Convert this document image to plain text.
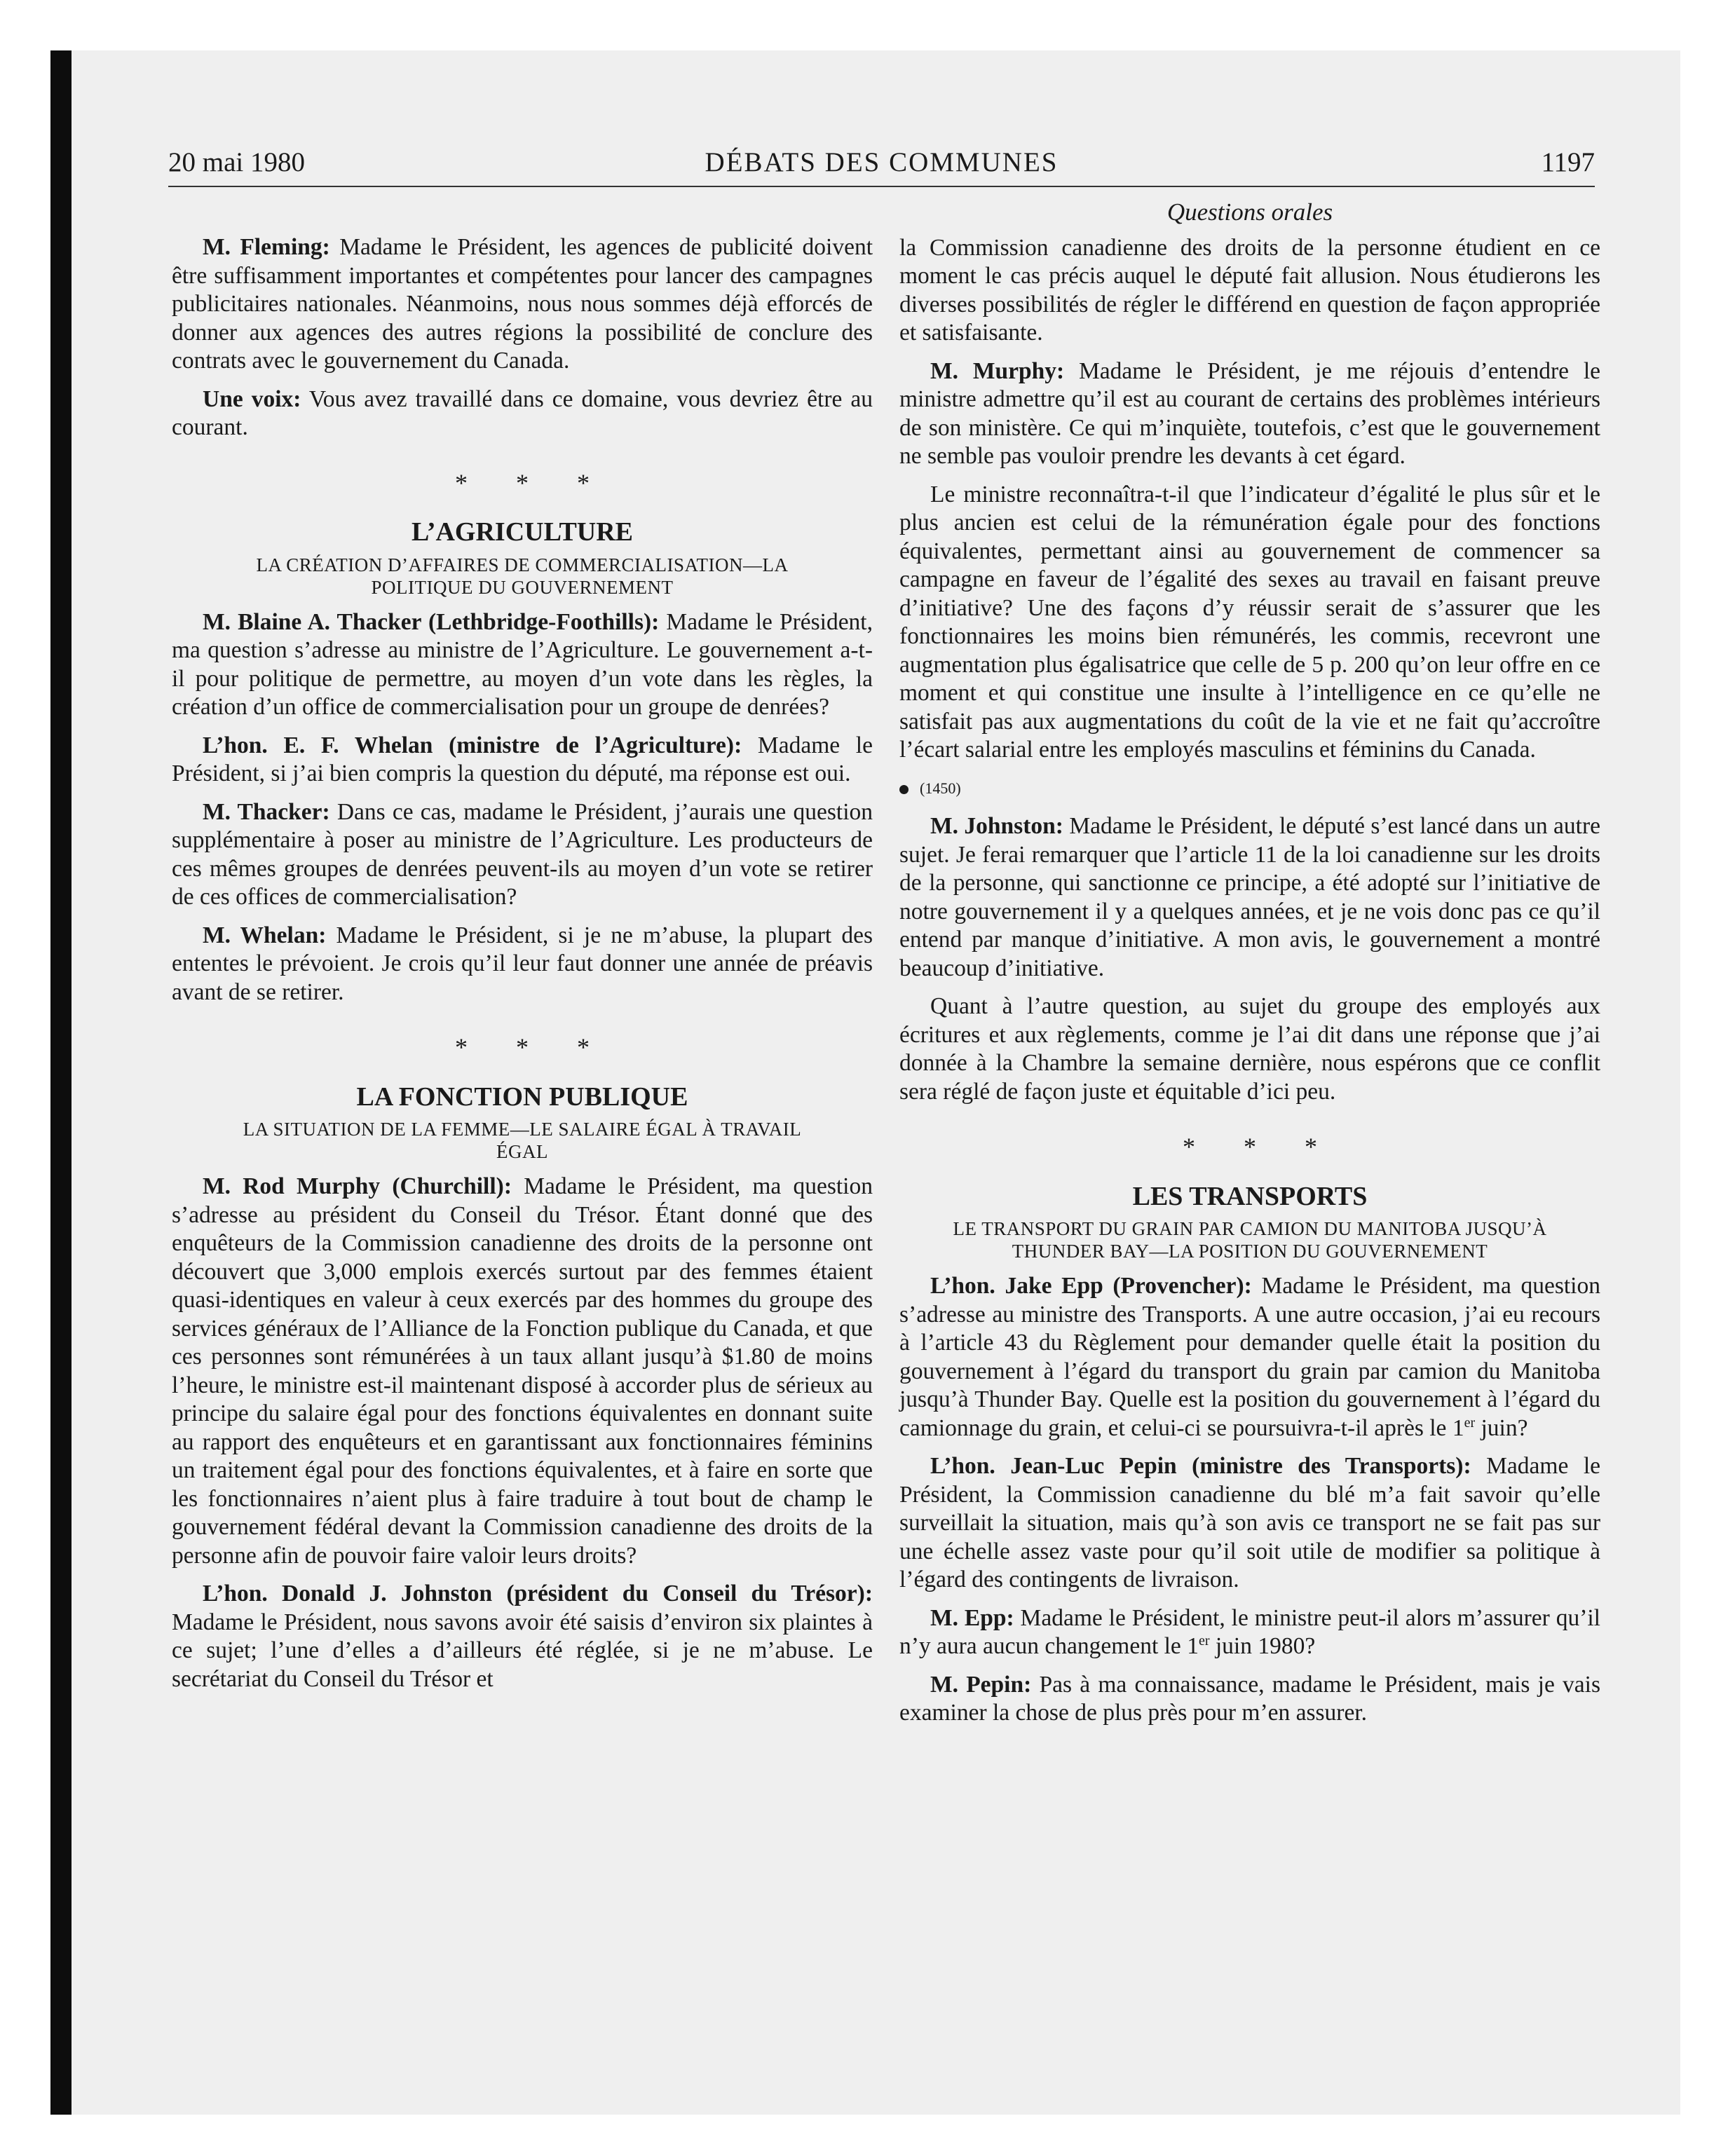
20 mai 1980	DÉBATS DES COMMUNES	1197

M. Fleming: Madame le Président, les agences de publicité doivent être suffisamment importantes et compétentes pour lancer des campagnes publicitaires nationales. Néanmoins, nous nous sommes déjà efforcés de donner aux agences des autres régions la possibilité de conclure des contrats avec le gouvernement du Canada.

Une voix: Vous avez travaillé dans ce domaine, vous devriez être au courant.

* * *
L’AGRICULTURE
LA CRÉATION D’AFFAIRES DE COMMERCIALISATION—LA POLITIQUE DU GOUVERNEMENT

M. Blaine A. Thacker (Lethbridge-Foothills): Madame le Président, ma question s’adresse au ministre de l’Agriculture. Le gouvernement a-t-il pour politique de permettre, au moyen d’un vote dans les règles, la création d’un office de commercialisation pour un groupe de denrées?

L’hon. E. F. Whelan (ministre de l’Agriculture): Madame le Président, si j’ai bien compris la question du député, ma réponse est oui.

M. Thacker: Dans ce cas, madame le Président, j’aurais une question supplémentaire à poser au ministre de l’Agriculture. Les producteurs de ces mêmes groupes de denrées peuvent-ils au moyen d’un vote se retirer de ces offices de commercialisation?

M. Whelan: Madame le Président, si je ne m’abuse, la plupart des ententes le prévoient. Je crois qu’il leur faut donner une année de préavis avant de se retirer.

* * *
LA FONCTION PUBLIQUE
LA SITUATION DE LA FEMME—LE SALAIRE ÉGAL À TRAVAIL ÉGAL

M. Rod Murphy (Churchill): Madame le Président, ma question s’adresse au président du Conseil du Trésor. Étant donné que des enquêteurs de la Commission canadienne des droits de la personne ont découvert que 3,000 emplois exercés surtout par des femmes étaient quasi-identiques en valeur à ceux exercés par des hommes du groupe des services généraux de l’Alliance de la Fonction publique du Canada, et que ces personnes sont rémunérées à un taux allant jusqu’à $1.80 de moins l’heure, le ministre est-il maintenant disposé à accorder plus de sérieux au principe du salaire égal pour des fonctions équivalentes en donnant suite au rapport des enquêteurs et en garantissant aux fonctionnaires féminins un traitement égal pour des fonctions équivalentes, et à faire en sorte que les fonctionnaires n’aient plus à faire traduire à tout bout de champ le gouvernement fédéral devant la Commission canadienne des droits de la personne afin de pouvoir faire valoir leurs droits?

L’hon. Donald J. Johnston (président du Conseil du Trésor): Madame le Président, nous savons avoir été saisis d’environ six plaintes à ce sujet; l’une d’elles a d’ailleurs été réglée, si je ne m’abuse. Le secrétariat du Conseil du Trésor et

Questions orales

la Commission canadienne des droits de la personne étudient en ce moment le cas précis auquel le député fait allusion. Nous étudierons les diverses possibilités de régler le différend en question de façon appropriée et satisfaisante.

M. Murphy: Madame le Président, je me réjouis d’entendre le ministre admettre qu’il est au courant de certains des problèmes intérieurs de son ministère. Ce qui m’inquiète, toutefois, c’est que le gouvernement ne semble pas vouloir prendre les devants à cet égard.

Le ministre reconnaîtra-t-il que l’indicateur d’égalité le plus sûr et le plus ancien est celui de la rémunération égale pour des fonctions équivalentes, permettant ainsi au gouvernement de commencer sa campagne en faveur de l’égalité des sexes au travail en faisant preuve d’initiative? Une des façons d’y réussir serait de s’assurer que les fonctionnaires les moins bien rémunérés, les commis, recevront une augmentation plus égalisatrice que celle de 5 p. 200 qu’on leur offre en ce moment et qui constitue une insulte à l’intelligence en ce qu’elle ne satisfait pas aux augmentations du coût de la vie et ne fait qu’accroître l’écart salarial entre les employés masculins et féminins du Canada.

(1450)

M. Johnston: Madame le Président, le député s’est lancé dans un autre sujet. Je ferai remarquer que l’article 11 de la loi canadienne sur les droits de la personne, qui sanctionne ce principe, a été adopté sur l’initiative de notre gouvernement il y a quelques années, et je ne vois donc pas ce qu’il entend par manque d’initiative. A mon avis, le gouvernement a montré beaucoup d’initiative.

Quant à l’autre question, au sujet du groupe des employés aux écritures et aux règlements, comme je l’ai dit dans une réponse que j’ai donnée à la Chambre la semaine dernière, nous espérons que ce conflit sera réglé de façon juste et équitable d’ici peu.

* * *
LES TRANSPORTS
LE TRANSPORT DU GRAIN PAR CAMION DU MANITOBA JUSQU’À THUNDER BAY—LA POSITION DU GOUVERNEMENT

L’hon. Jake Epp (Provencher): Madame le Président, ma question s’adresse au ministre des Transports. A une autre occasion, j’ai eu recours à l’article 43 du Règlement pour demander quelle était la position du gouvernement à l’égard du transport du grain par camion du Manitoba jusqu’à Thunder Bay. Quelle est la position du gouvernement à l’égard du camionnage du grain, et celui-ci se poursuivra-t-il après le 1er juin?

L’hon. Jean-Luc Pepin (ministre des Transports): Madame le Président, la Commission canadienne du blé m’a fait savoir qu’elle surveillait la situation, mais qu’à son avis ce transport ne se fait pas sur une échelle assez vaste pour qu’il soit utile de modifier sa politique à l’égard des contingents de livraison.

M. Epp: Madame le Président, le ministre peut-il alors m’assurer qu’il n’y aura aucun changement le 1er juin 1980?

M. Pepin: Pas à ma connaissance, madame le Président, mais je vais examiner la chose de plus près pour m’en assurer.
